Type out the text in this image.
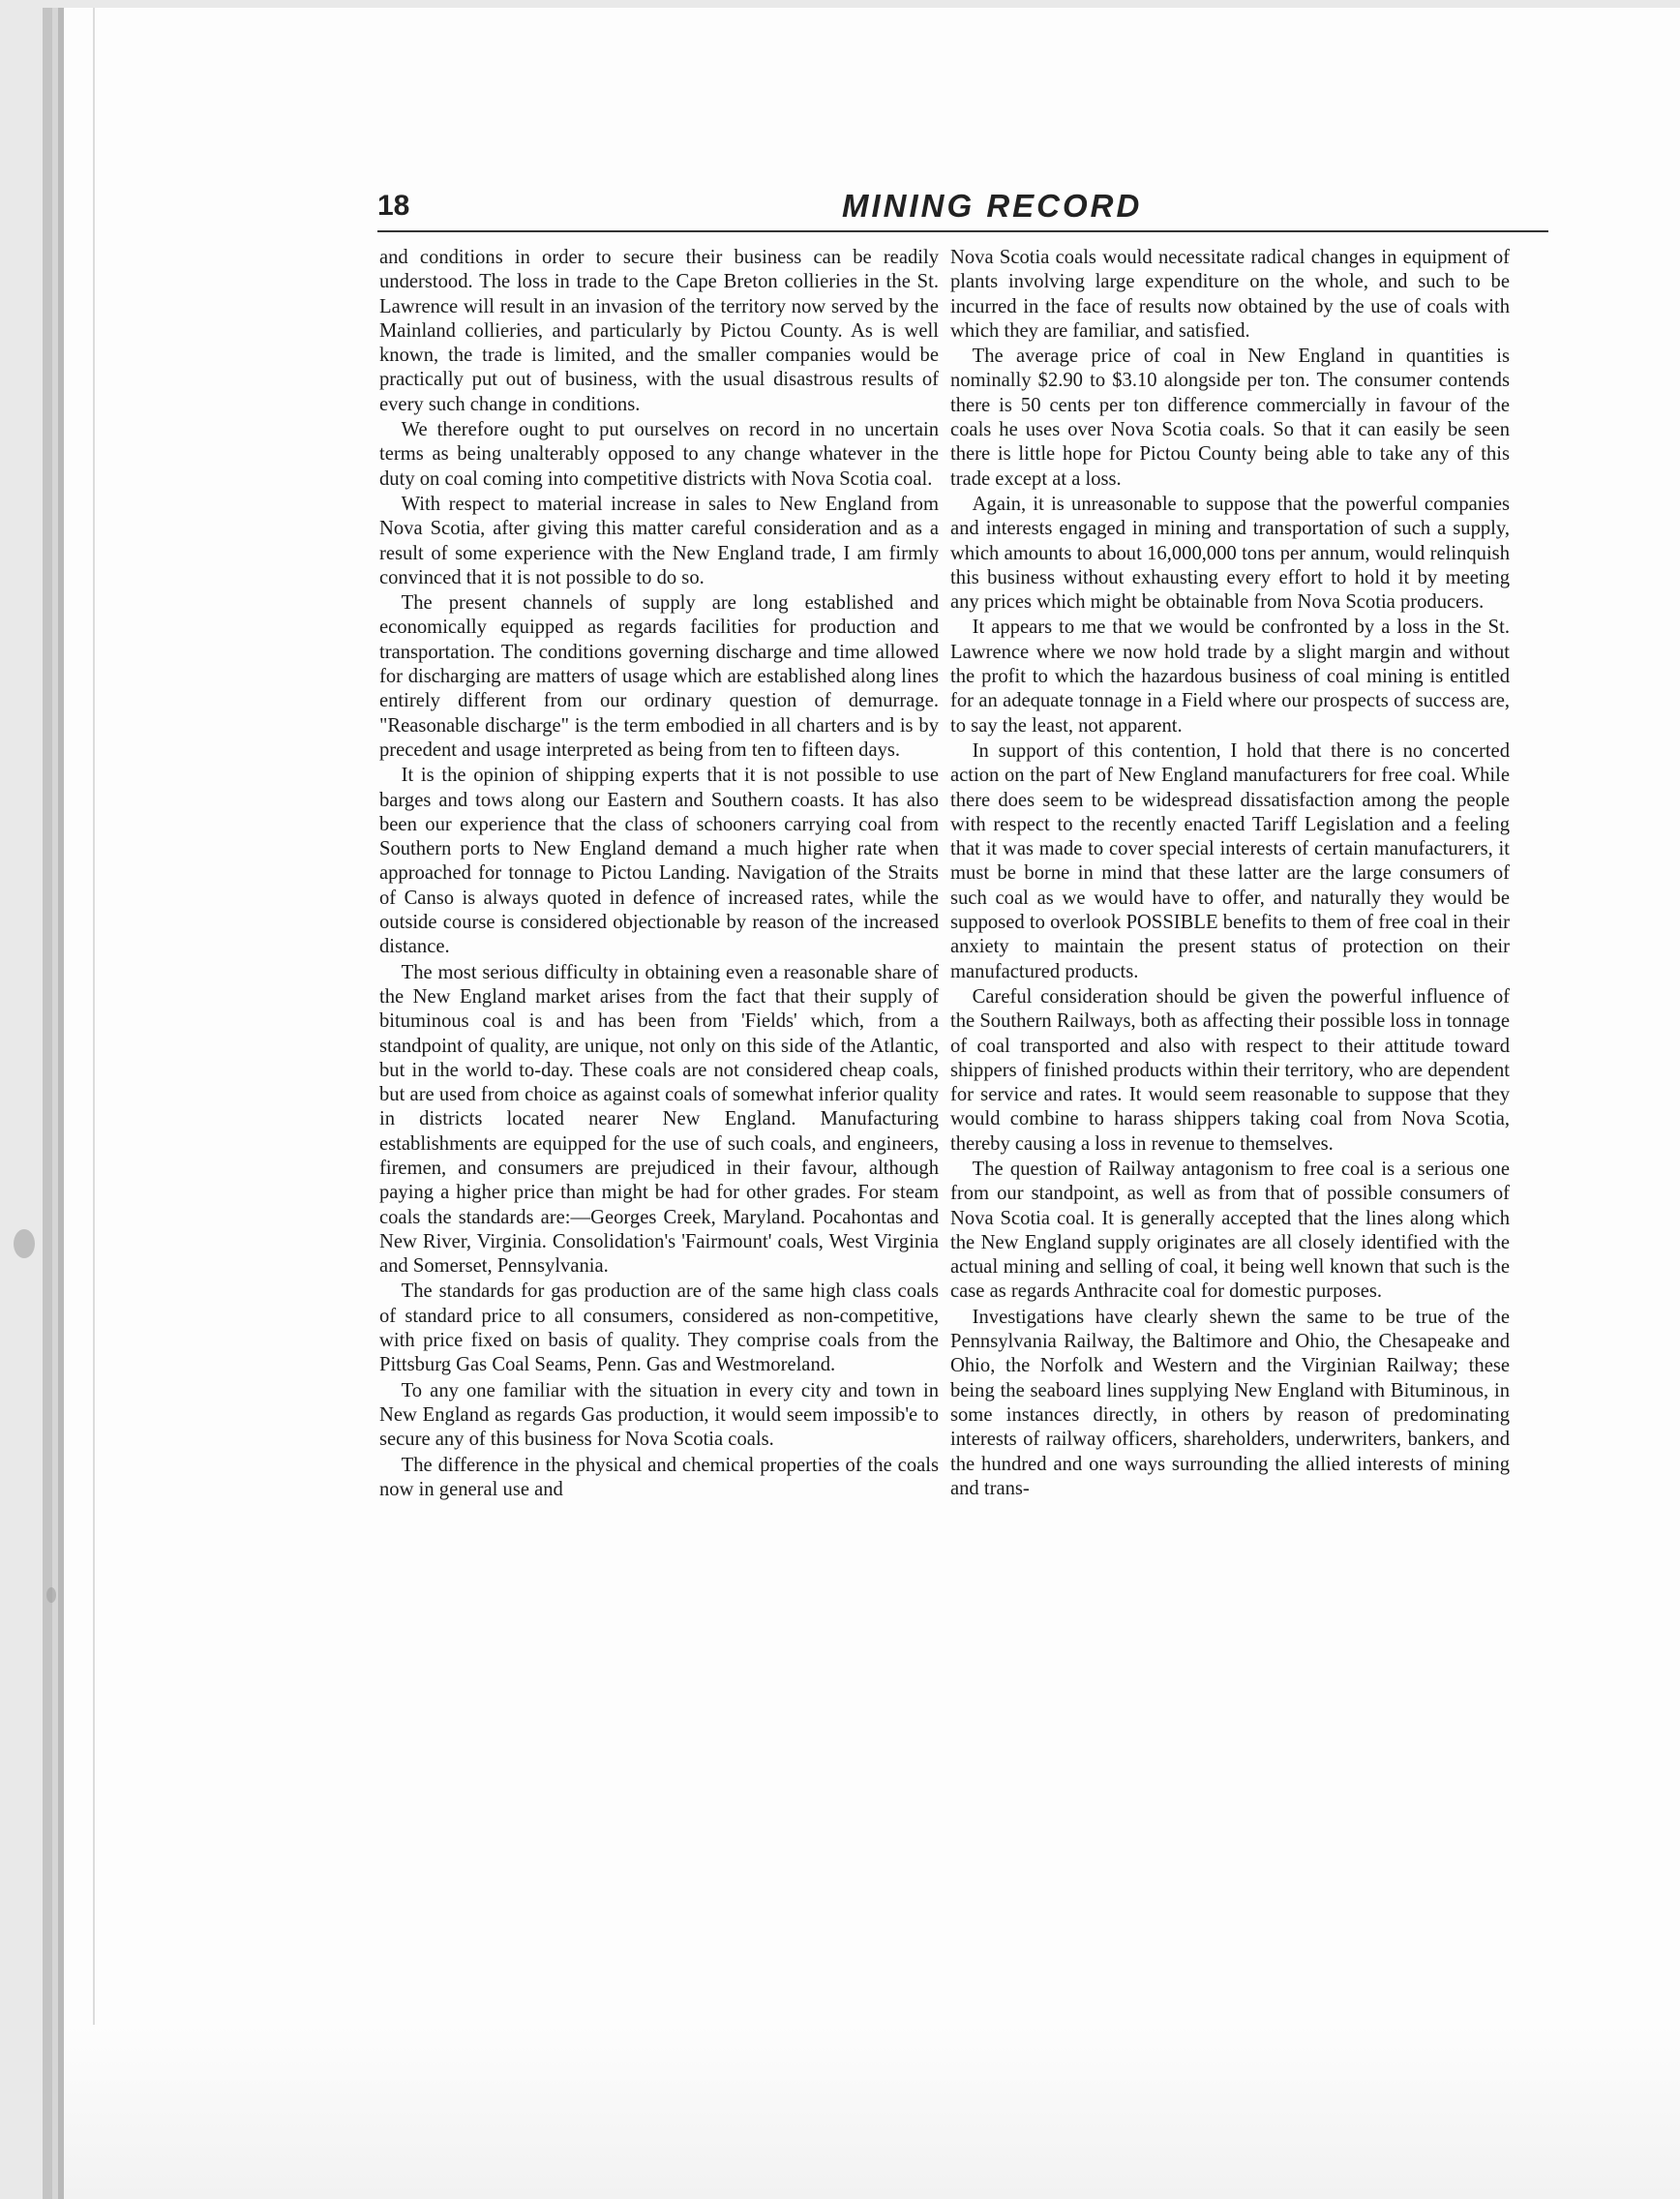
18	MINING RECORD

and conditions in order to secure their business can be readily understood. The loss in trade to the Cape Breton collieries in the St. Lawrence will result in an invasion of the territory now served by the Mainland collieries, and particularly by Pictou County. As is well known, the trade is limited, and the smaller companies would be practically put out of business, with the usual disastrous results of every such change in conditions.

We therefore ought to put ourselves on record in no uncertain terms as being unalterably opposed to any change whatever in the duty on coal coming into competitive districts with Nova Scotia coal.

With respect to material increase in sales to New England from Nova Scotia, after giving this matter careful consideration and as a result of some experience with the New England trade, I am firmly convinced that it is not possible to do so.

The present channels of supply are long established and economically equipped as regards facilities for production and transportation. The conditions governing discharge and time allowed for discharging are matters of usage which are established along lines entirely different from our ordinary question of demurrage. "Reasonable discharge" is the term embodied in all charters and is by precedent and usage interpreted as being from ten to fifteen days.

It is the opinion of shipping experts that it is not possible to use barges and tows along our Eastern and Southern coasts. It has also been our experience that the class of schooners carrying coal from Southern ports to New England demand a much higher rate when approached for tonnage to Pictou Landing. Navigation of the Straits of Canso is always quoted in defence of increased rates, while the outside course is considered objectionable by reason of the increased distance.

The most serious difficulty in obtaining even a reasonable share of the New England market arises from the fact that their supply of bituminous coal is and has been from 'Fields' which, from a standpoint of quality, are unique, not only on this side of the Atlantic, but in the world to-day. These coals are not considered cheap coals, but are used from choice as against coals of somewhat inferior quality in districts located nearer New England. Manufacturing establishments are equipped for the use of such coals, and engineers, firemen, and consumers are prejudiced in their favour, although paying a higher price than might be had for other grades. For steam coals the standards are:—Georges Creek, Maryland. Pocahontas and New River, Virginia. Consolidation's 'Fairmount' coals, West Virginia and Somerset, Pennsylvania.

The standards for gas production are of the same high class coals of standard price to all consumers, considered as non-competitive, with price fixed on basis of quality. They comprise coals from the Pittsburg Gas Coal Seams, Penn. Gas and Westmoreland.

To any one familiar with the situation in every city and town in New England as regards Gas production, it would seem impossib'e to secure any of this business for Nova Scotia coals.

The difference in the physical and chemical properties of the coals now in general use and

Nova Scotia coals would necessitate radical changes in equipment of plants involving large expenditure on the whole, and such to be incurred in the face of results now obtained by the use of coals with which they are familiar, and satisfied.

The average price of coal in New England in quantities is nominally $2.90 to $3.10 alongside per ton. The consumer contends there is 50 cents per ton difference commercially in favour of the coals he uses over Nova Scotia coals. So that it can easily be seen there is little hope for Pictou County being able to take any of this trade except at a loss.

Again, it is unreasonable to suppose that the powerful companies and interests engaged in mining and transportation of such a supply, which amounts to about 16,000,000 tons per annum, would relinquish this business without exhausting every effort to hold it by meeting any prices which might be obtainable from Nova Scotia producers.

It appears to me that we would be confronted by a loss in the St. Lawrence where we now hold trade by a slight margin and without the profit to which the hazardous business of coal mining is entitled for an adequate tonnage in a Field where our prospects of success are, to say the least, not apparent.

In support of this contention, I hold that there is no concerted action on the part of New England manufacturers for free coal. While there does seem to be widespread dissatisfaction among the people with respect to the recently enacted Tariff Legislation and a feeling that it was made to cover special interests of certain manufacturers, it must be borne in mind that these latter are the large consumers of such coal as we would have to offer, and naturally they would be supposed to overlook POSSIBLE benefits to them of free coal in their anxiety to maintain the present status of protection on their manufactured products.

Careful consideration should be given the powerful influence of the Southern Railways, both as affecting their possible loss in tonnage of coal transported and also with respect to their attitude toward shippers of finished products within their territory, who are dependent for service and rates. It would seem reasonable to suppose that they would combine to harass shippers taking coal from Nova Scotia, thereby causing a loss in revenue to themselves.

The question of Railway antagonism to free coal is a serious one from our standpoint, as well as from that of possible consumers of Nova Scotia coal. It is generally accepted that the lines along which the New England supply originates are all closely identified with the actual mining and selling of coal, it being well known that such is the case as regards Anthracite coal for domestic purposes.

Investigations have clearly shewn the same to be true of the Pennsylvania Railway, the Baltimore and Ohio, the Chesapeake and Ohio, the Norfolk and Western and the Virginian Railway; these being the seaboard lines supplying New England with Bituminous, in some instances directly, in others by reason of predominating interests of railway officers, shareholders, underwriters, bankers, and the hundred and one ways surrounding the allied interests of mining and trans-
